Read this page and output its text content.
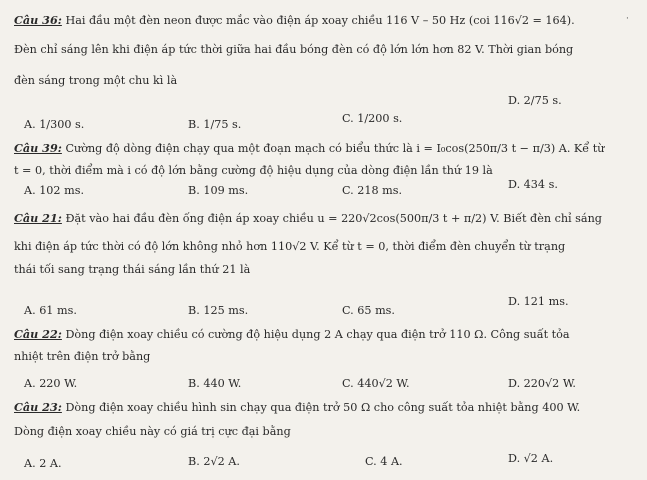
·
Câu 36: Hai đầu một đèn neon được mắc vào điện áp xoay chiều 116 V – 50 Hz (coi 116√2 = 164).
Đèn chỉ sáng lên khi điện áp tức thời giữa hai đầu bóng đèn có độ lớn lớn hơn 82 V. Thời gian bóng
đèn sáng trong một chu kì là
A. 1/300 s.	B. 1/75 s.	C. 1/200 s.
D. 2/75 s.
Câu 39: Cường độ dòng điện chạy qua một đoạn mạch có biểu thức là i = I₀cos(250π/3 t − π/3) A. Kể từ
t = 0, thời điểm mà i có độ lớn bằng cường độ hiệu dụng của dòng điện lần thứ 19 là
A. 102 ms.	B. 109 ms.	C. 218 ms.	D. 434 s.
Câu 21: Đặt vào hai đầu đèn ống điện áp xoay chiều u = 220√2cos(500π/3 t + π/2) V. Biết đèn chỉ sáng
khi điện áp tức thời có độ lớn không nhỏ hơn 110√2 V. Kể từ t = 0, thời điểm đèn chuyển từ trạng
thái tối sang trạng thái sáng lần thứ 21 là
A. 61 ms.	B. 125 ms.	C. 65 ms.
D. 121 ms.
Câu 22: Dòng điện xoay chiều có cường độ hiệu dụng 2 A chạy qua điện trở 110 Ω. Công suất tỏa
nhiệt trên điện trở bằng
A. 220 W.	B. 440 W.	C. 440√2 W.	D. 220√2 W.
Câu 23: Dòng điện xoay chiều hình sin chạy qua điện trở 50 Ω cho công suất tỏa nhiệt bằng 400 W.
Dòng điện xoay chiều này có giá trị cực đại bằng
A. 2 A.	B. 2√2 A.	C. 4 A.	D. √2 A.
